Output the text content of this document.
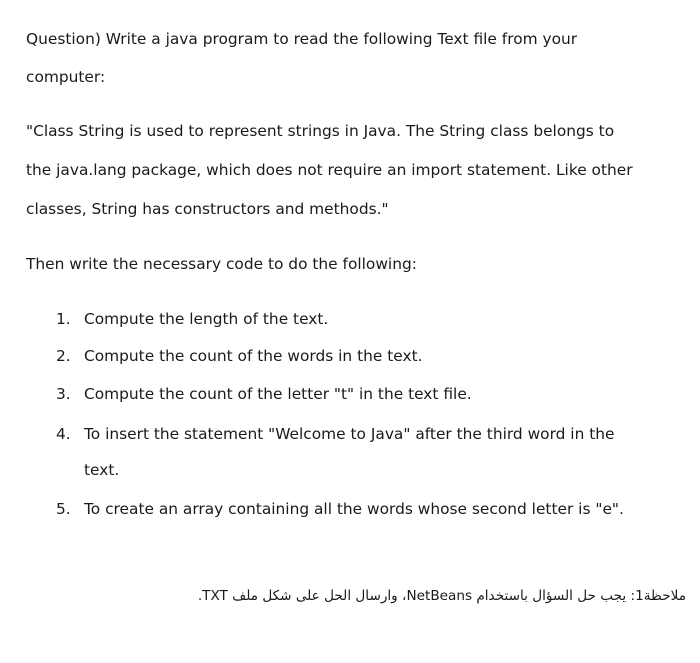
Question) Write a java program to read the following Text file from your
computer:
"Class String is used to represent strings in Java. The String class belongs to
the java.lang package, which does not require an import statement. Like other
classes, String has constructors and methods."
Then write the necessary code to do the following:
1. Compute the length of the text.
2. Compute the count of the words in the text.
3. Compute the count of the letter "t" in the text file.
4. To insert the statement "Welcome to Java" after the third word in the
text.
5. To create an array containing all the words whose second letter is "e".
ملاحظة1: يجب حل السؤال باستخدام NetBeans، وارسال الحل على شكل ملف TXT.
